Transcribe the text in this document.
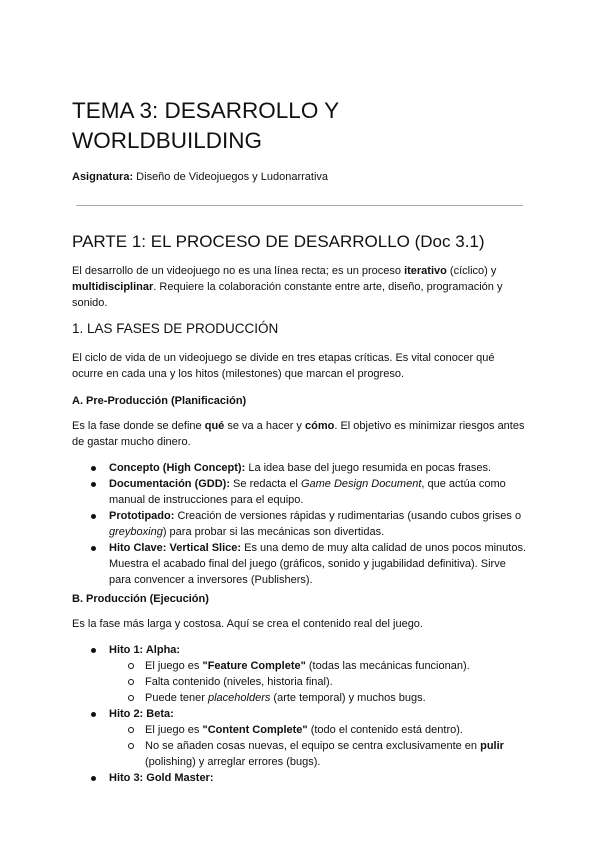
TEMA 3: DESARROLLO Y WORLDBUILDING
Asignatura: Diseño de Videojuegos y Ludonarrativa
PARTE 1: EL PROCESO DE DESARROLLO (Doc 3.1)

El desarrollo de un videojuego no es una línea recta; es un proceso iterativo (cíclico) y multidisciplinar. Requiere la colaboración constante entre arte, diseño, programación y sonido.

1. LAS FASES DE PRODUCCIÓN

El ciclo de vida de un videojuego se divide en tres etapas críticas. Es vital conocer qué ocurre en cada una y los hitos (milestones) que marcan el progreso.

A. Pre-Producción (Planificación)

Es la fase donde se define qué se va a hacer y cómo. El objetivo es minimizar riesgos antes de gastar mucho dinero.

Concepto (High Concept): La idea base del juego resumida en pocas frases.
Documentación (GDD): Se redacta el Game Design Document, que actúa como manual de instrucciones para el equipo.
Prototipado: Creación de versiones rápidas y rudimentarias (usando cubos grises o greyboxing) para probar si las mecánicas son divertidas.
Hito Clave: Vertical Slice: Es una demo de muy alta calidad de unos pocos minutos. Muestra el acabado final del juego (gráficos, sonido y jugabilidad definitiva). Sirve para convencer a inversores (Publishers).
B. Producción (Ejecución)

Es la fase más larga y costosa. Aquí se crea el contenido real del juego.

Hito 1: Alpha:
El juego es "Feature Complete" (todas las mecánicas funcionan).
Falta contenido (niveles, historia final).
Puede tener placeholders (arte temporal) y muchos bugs.
Hito 2: Beta:
El juego es "Content Complete" (todo el contenido está dentro).
No se añaden cosas nuevas, el equipo se centra exclusivamente en pulir (polishing) y arreglar errores (bugs).
Hito 3: Gold Master:
